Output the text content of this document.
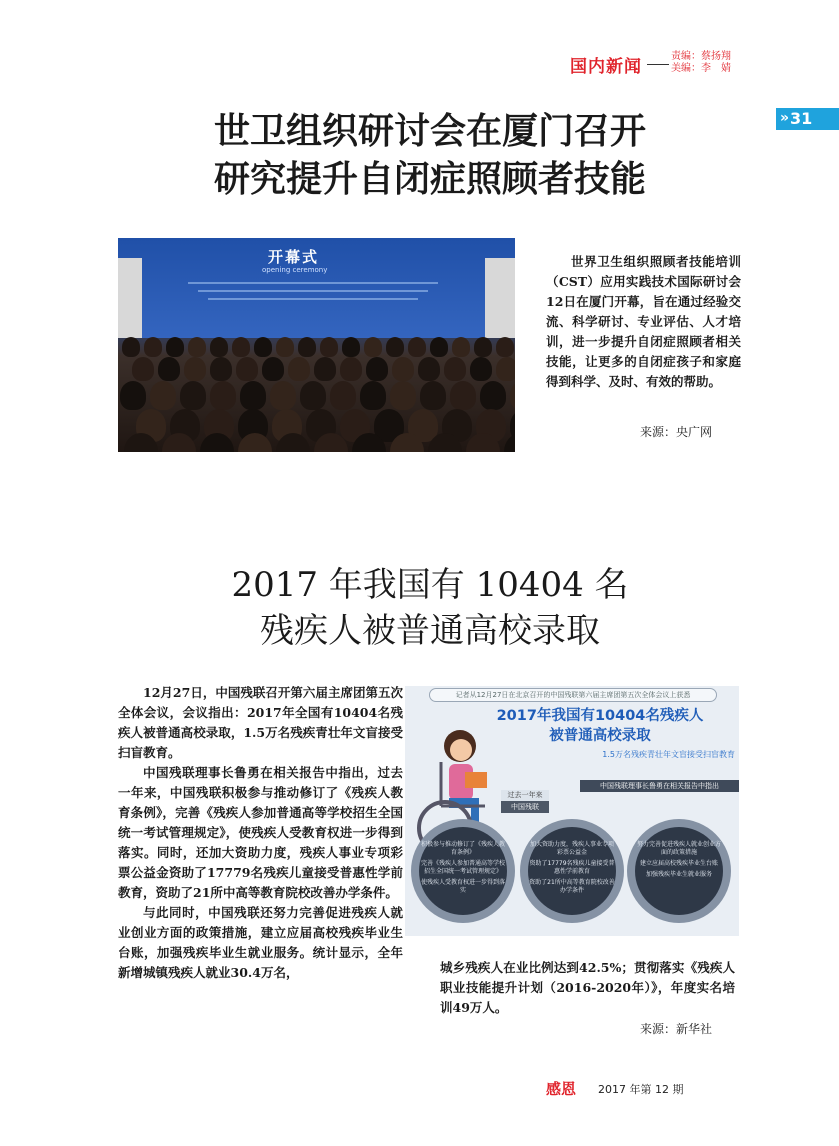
国内新闻
责编：蔡扬翔
美编：李　婧
» 31
世卫组织研讨会在厦门召开
研究提升自闭症照顾者技能
开幕式
opening ceremony
世界卫生组织照顾者技能培训（CST）应用实践技术国际研讨会12日在厦门开幕，旨在通过经验交流、科学研讨、专业评估、人才培训，进一步提升自闭症照顾者相关技能，让更多的自闭症孩子和家庭得到科学、及时、有效的帮助。
来源：央广网
2017 年我国有 10404 名
残疾人被普通高校录取

12月27日，中国残联召开第六届主席团第五次全体会议，会议指出：2017年全国有10404名残疾人被普通高校录取，1.5万名残疾青壮年文盲接受扫盲教育。

中国残联理事长鲁勇在相关报告中指出，过去一年来，中国残联积极参与推动修订了《残疾人教育条例》，完善《残疾人参加普通高等学校招生全国统一考试管理规定》，使残疾人受教育权进一步得到落实。同时，还加大资助力度，残疾人事业专项彩票公益金资助了17779名残疾儿童接受普惠性学前教育，资助了21所中高等教育院校改善办学条件。

与此同时，中国残联还努力完善促进残疾人就业创业方面的政策措施，建立应届高校残疾毕业生台账，加强残疾毕业生就业服务。统计显示，全年新增城镇残疾人就业30.4万名，

记者从12月27日在北京召开的中国残联第六届主席团第五次全体会议上获悉
2017年我国有10404名残疾人
被普通高校录取
1.5万名残疾青壮年文盲接受扫盲教育
中国残联理事长鲁勇在相关报告中指出
过去一年来
中国残联
积极参与推动修订了《残疾人教育条例》
完善《残疾人参加普通高等学校招生全国统一考试管理规定》
使残疾人受教育权进一步得到落实
加大资助力度，残疾人事业专项彩票公益金
资助了17779名残疾儿童接受普惠性学前教育
资助了21所中高等教育院校改善办学条件
努力完善促进残疾人就业创业方面的政策措施
建立应届高校残疾毕业生台账
加强残疾毕业生就业服务
城乡残疾人在业比例达到42.5%；贯彻落实《残疾人职业技能提升计划（2016-2020年）》，年度实名培训49万人。
来源：新华社
感恩 2017 年第 12 期
